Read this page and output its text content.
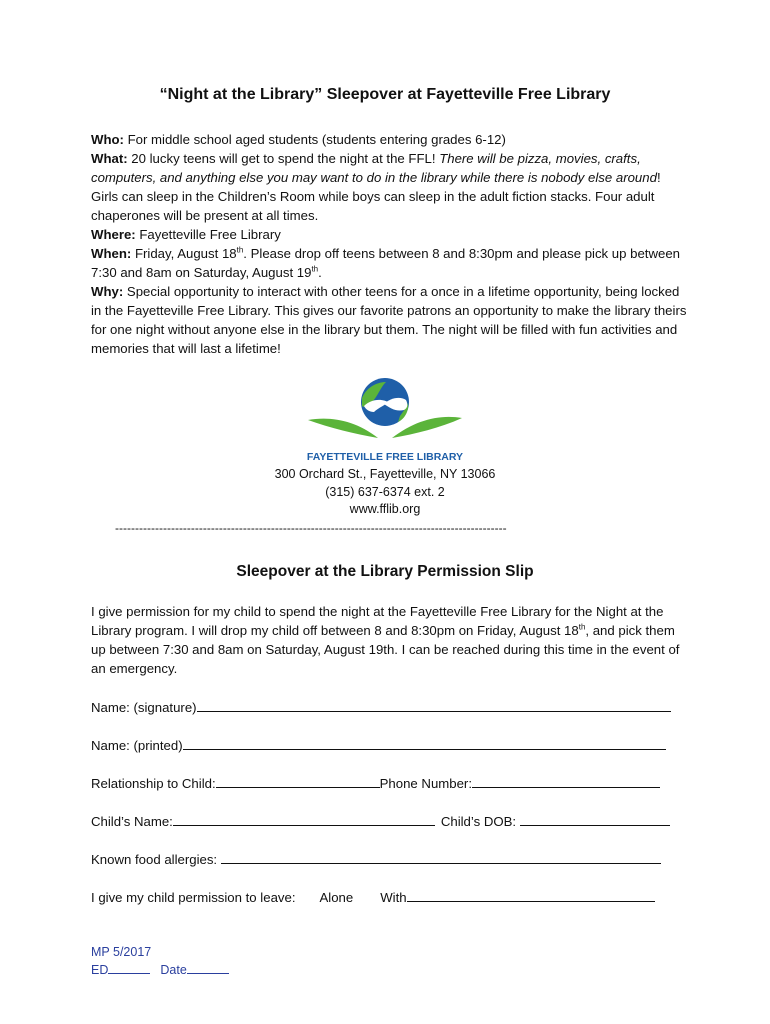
“Night at the Library” Sleepover at Fayetteville Free Library

Who: For middle school aged students (students entering grades 6-12)

What: 20 lucky teens will get to spend the night at the FFL! There will be pizza, movies, crafts, computers, and anything else you may want to do in the library while there is nobody else around! Girls can sleep in the Children’s Room while boys can sleep in the adult fiction stacks. Four adult chaperones will be present at all times.

Where: Fayetteville Free Library

When: Friday, August 18th. Please drop off teens between 8 and 8:30pm and please pick up between 7:30 and 8am on Saturday, August 19th.

Why: Special opportunity to interact with other teens for a once in a lifetime opportunity, being locked in the Fayetteville Free Library. This gives our favorite patrons an opportunity to make the library theirs for one night without anyone else in the library but them. The night will be filled with fun activities and memories that will last a lifetime!

FAYETTEVILLE FREE LIBRARY
300 Orchard St., Fayetteville, NY 13066
(315) 637-6374 ext. 2
www.fflib.org
--------------------------------------------------------------------------------------------------
Sleepover at the Library Permission Slip
I give permission for my child to spend the night at the Fayetteville Free Library for the Night at the Library program. I will drop my child off between 8 and 8:30pm on Friday, August 18th, and pick them up between 7:30 and 8am on Saturday, August 19th. I can be reached during this time in the event of an emergency.
Name: (signature)
Name: (printed)
Relationship to Child:	Phone Number:
Child’s Name:	Child’s DOB:
Known food allergies:
I give my child permission to leave: Alone With
MP 5/2017
ED	Date
